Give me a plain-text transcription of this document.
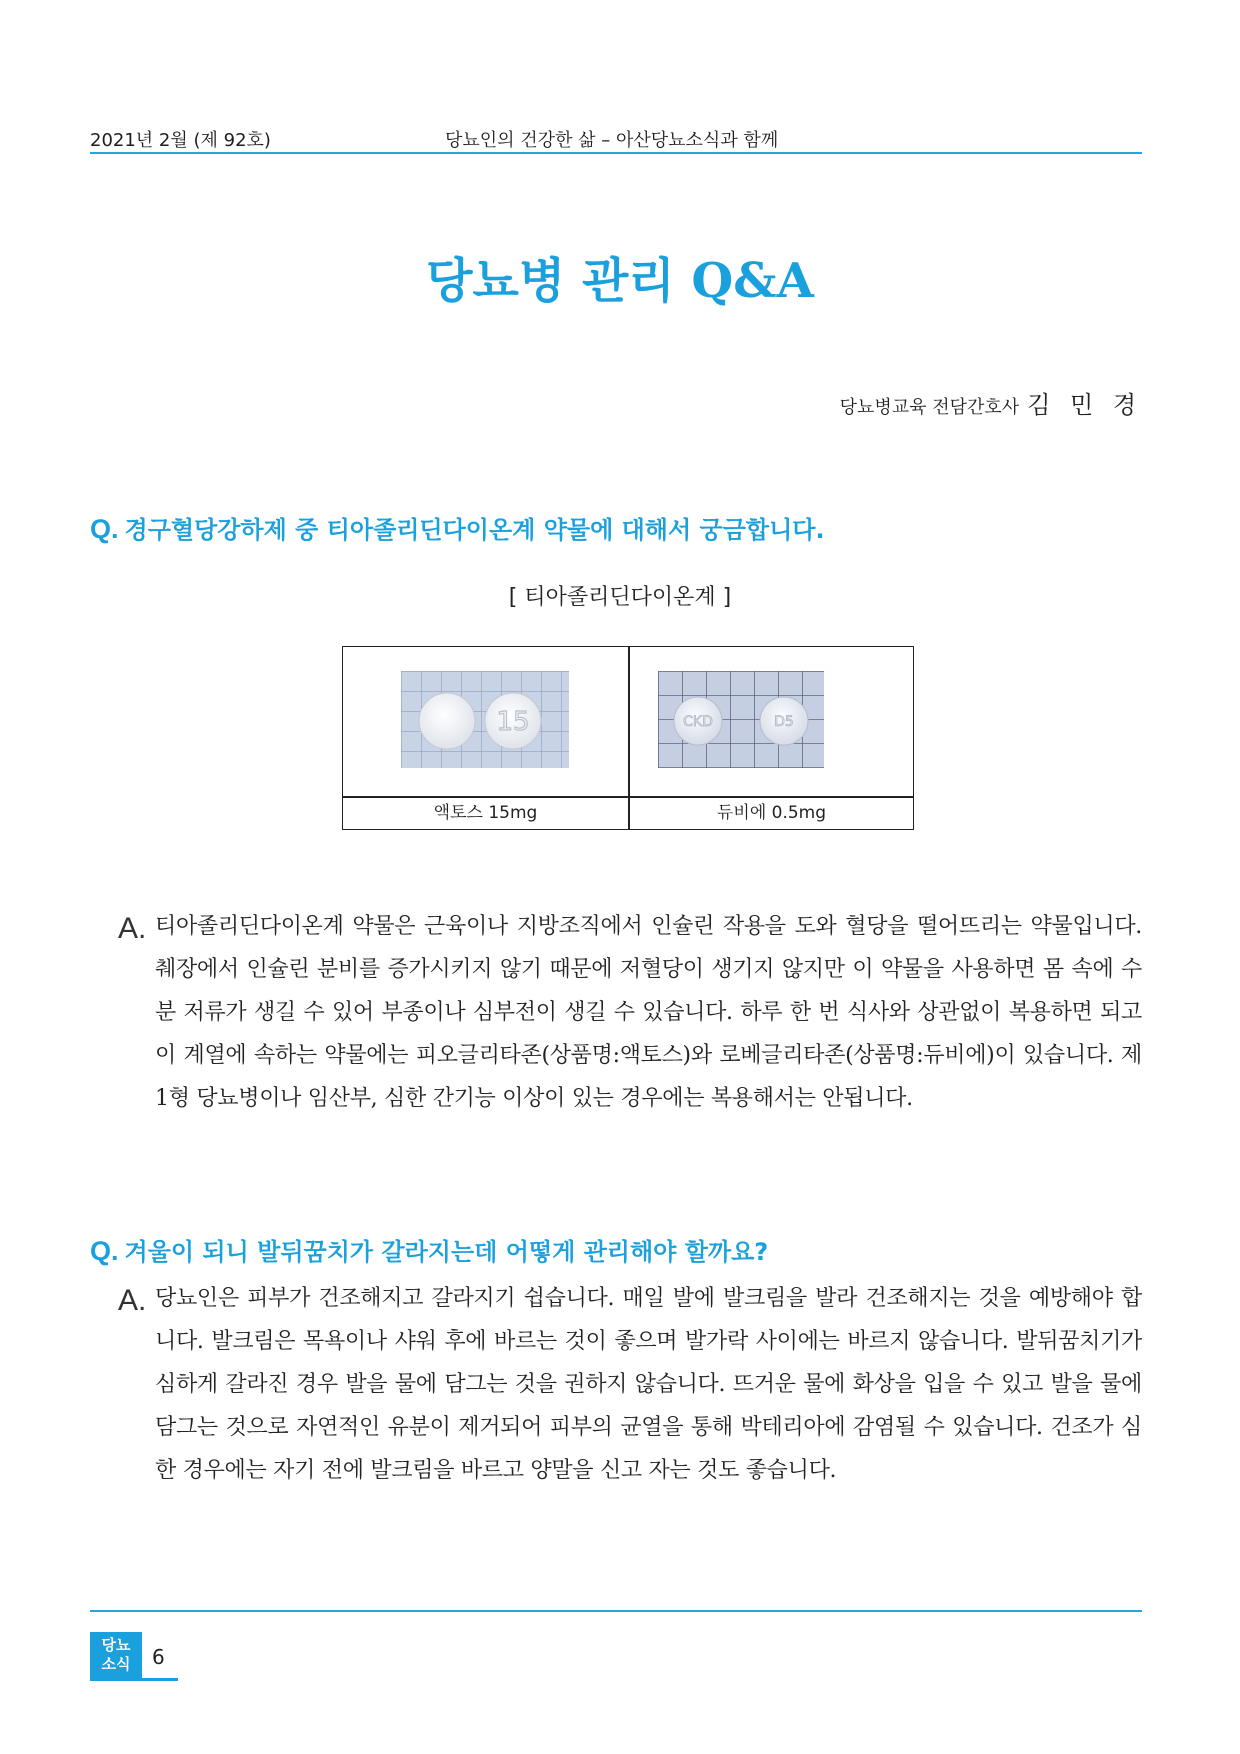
2021년 2월 (제 92호)	당뇨인의 건강한 삶 – 아산당뇨소식과 함께
당뇨병 관리 Q&A
당뇨병교육 전담간호사 김 민 경
Q. 경구혈당강하제 중 티아졸리딘다이온계 약물에 대해서 궁금합니다.
[ 티아졸리딘다이온계 ]
15	CKD	D5
액토스 15mg	듀비에 0.5mg
A. 티아졸리딘다이온계 약물은 근육이나 지방조직에서 인슐린 작용을 도와 혈당을 떨어뜨리는 약물입니다. 췌장에서 인슐린 분비를 증가시키지 않기 때문에 저혈당이 생기지 않지만 이 약물을 사용하면 몸 속에 수분 저류가 생길 수 있어 부종이나 심부전이 생길 수 있습니다. 하루 한 번 식사와 상관없이 복용하면 되고 이 계열에 속하는 약물에는 피오글리타존(상품명:액토스)와 로베글리타존(상품명:듀비에)이 있습니다. 제1형 당뇨병이나 임산부, 심한 간기능 이상이 있는 경우에는 복용해서는 안됩니다.
Q. 겨울이 되니 발뒤꿈치가 갈라지는데 어떻게 관리해야 할까요?
A. 당뇨인은 피부가 건조해지고 갈라지기 쉽습니다. 매일 발에 발크림을 발라 건조해지는 것을 예방해야 합니다. 발크림은 목욕이나 샤워 후에 바르는 것이 좋으며 발가락 사이에는 바르지 않습니다. 발뒤꿈치기가 심하게 갈라진 경우 발을 물에 담그는 것을 권하지 않습니다. 뜨거운 물에 화상을 입을 수 있고 발을 물에 담그는 것으로 자연적인 유분이 제거되어 피부의 균열을 통해 박테리아에 감염될 수 있습니다. 건조가 심한 경우에는 자기 전에 발크림을 바르고 양말을 신고 자는 것도 좋습니다.
당뇨
소식	6
